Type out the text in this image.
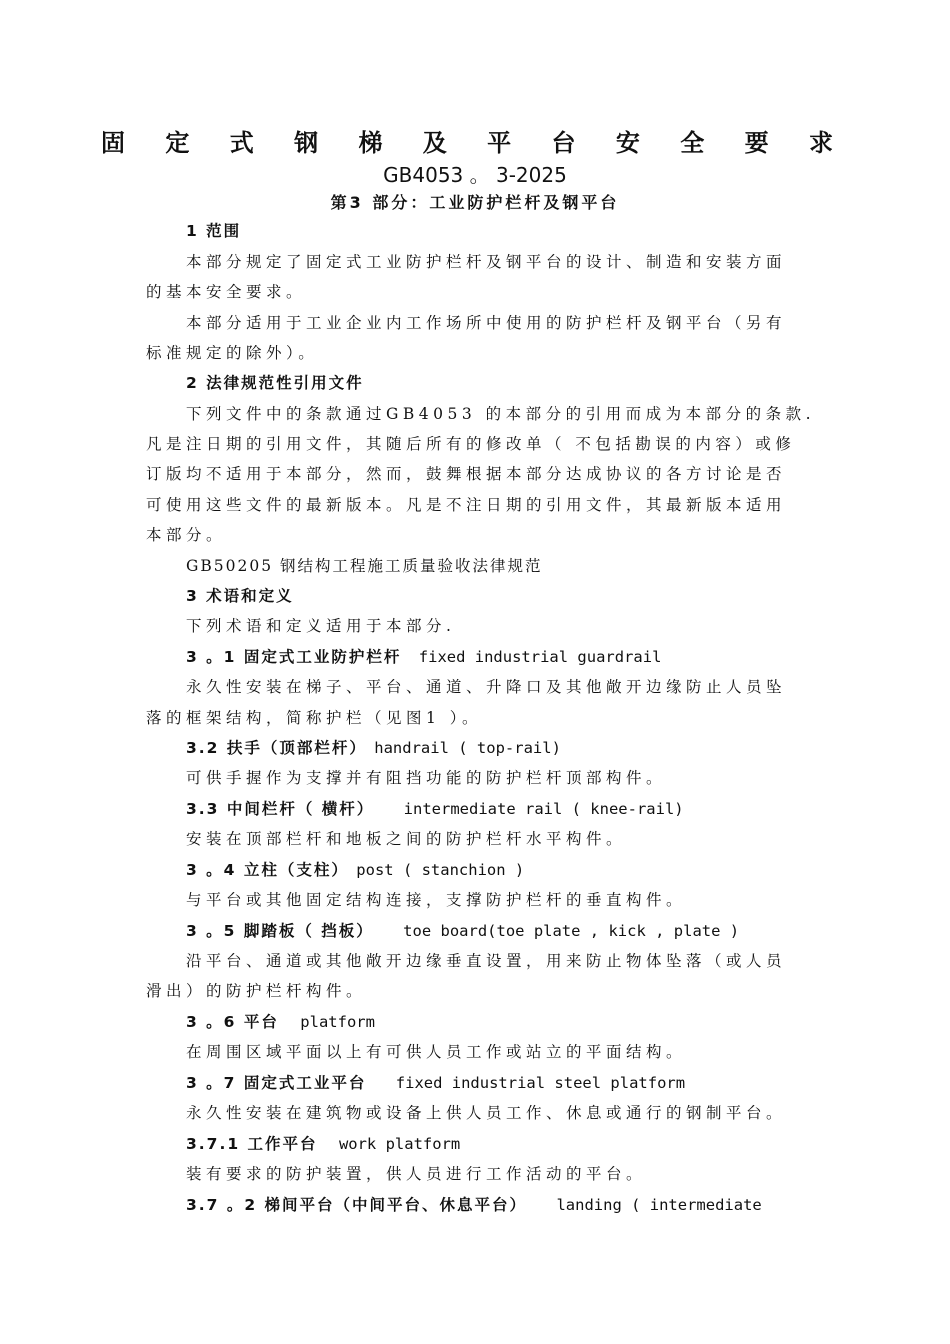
固 定 式 钢 梯 及 平 台 安 全 要 求
GB4053 。 3-2025
第3 部分：工业防护栏杆及钢平台
1 范围
本部分规定了固定式工业防护栏杆及钢平台的设计、制造和安装方面
的基本安全要求。
本部分适用于工业企业内工作场所中使用的防护栏杆及钢平台（另有
标准规定的除外）。
2 法律规范性引用文件
下列文件中的条款通过GB4053 的本部分的引用而成为本部分的条款.
凡是注日期的引用文件，其随后所有的修改单（ 不包括勘误的内容）或修
订版均不适用于本部分，然而，鼓舞根据本部分达成协议的各方讨论是否
可使用这些文件的最新版本。凡是不注日期的引用文件，其最新版本适用
本部分。
GB50205 钢结构工程施工质量验收法律规范
3 术语和定义
下列术语和定义适用于本部分.
3 。1 固定式工业防护栏杆 fixed industrial guardrail
永久性安装在梯子、平台、通道、升降口及其他敞开边缘防止人员坠
落的框架结构，简称护栏（见图1 ）。
3.2 扶手（顶部栏杆） handrail ( top-rail)
可供手握作为支撑并有阻挡功能的防护栏杆顶部构件。
3.3 中间栏杆（ 横杆） intermediate rail ( knee-rail)
安装在顶部栏杆和地板之间的防护栏杆水平构件。
3 。4 立柱（支柱） post ( stanchion )
与平台或其他固定结构连接，支撑防护栏杆的垂直构件。
3 。5 脚踏板（ 挡板） toe board(toe plate , kick , plate )
沿平台、通道或其他敞开边缘垂直设置，用来防止物体坠落（或人员
滑出）的防护栏杆构件。
3 。6 平台 platform
在周围区域平面以上有可供人员工作或站立的平面结构。
3 。7 固定式工业平台 fixed industrial steel platform
永久性安装在建筑物或设备上供人员工作、休息或通行的钢制平台。
3.7.1 工作平台 work platform
装有要求的防护装置，供人员进行工作活动的平台。
3.7 。2 梯间平台（中间平台、休息平台） landing ( intermediate
